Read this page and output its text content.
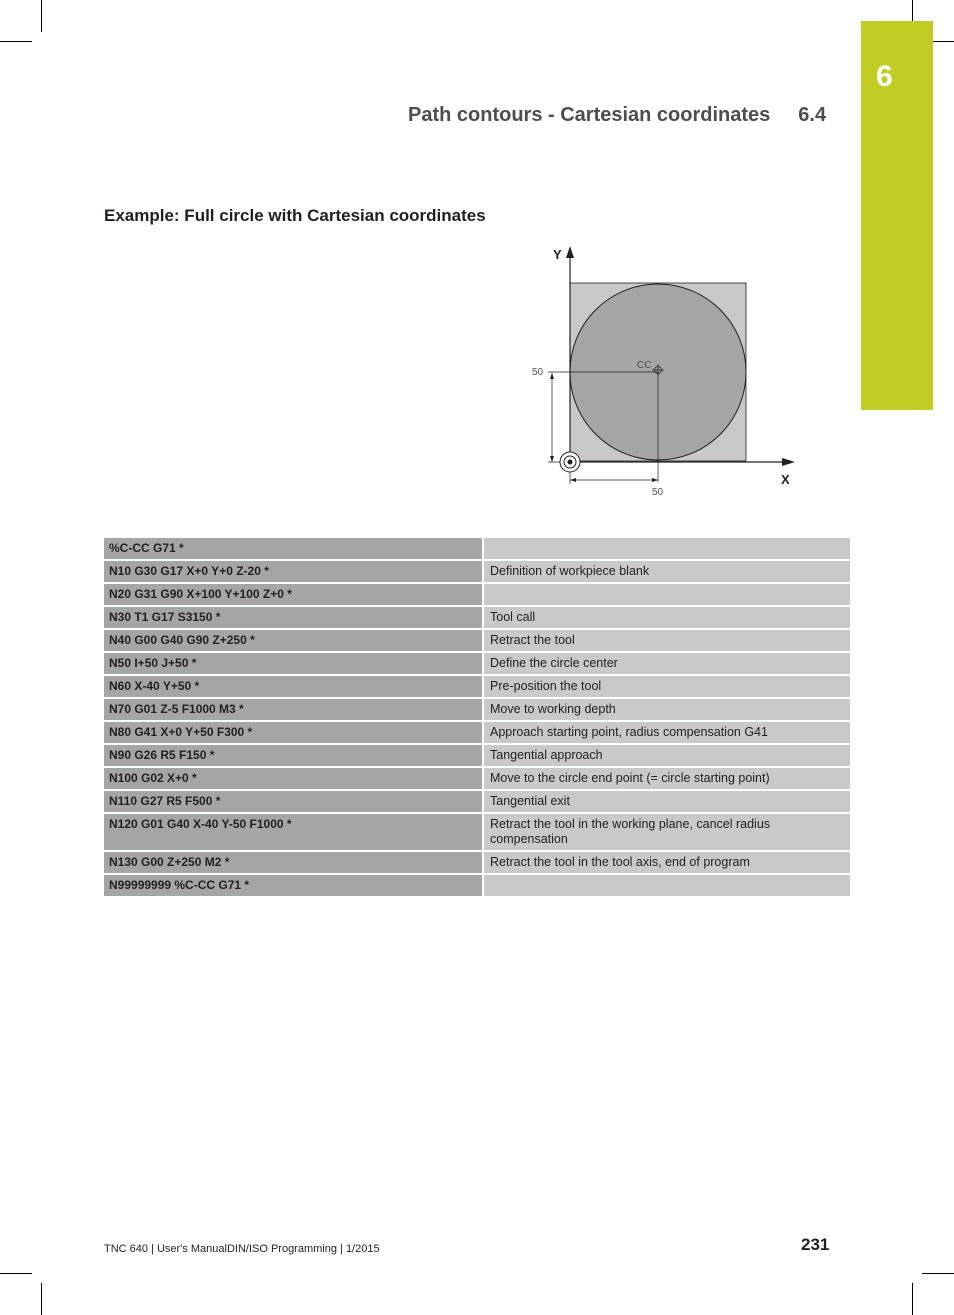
6
Path contours - Cartesian coordinates 6.4
Example: Full circle with Cartesian coordinates
Y
X
CC
50
50
%C-CC G71 *
N10 G30 G17 X+0 Y+0 Z-20 *	Definition of workpiece blank
N20 G31 G90 X+100 Y+100 Z+0 *
N30 T1 G17 S3150 *	Tool call
N40 G00 G40 G90 Z+250 *	Retract the tool
N50 I+50 J+50 *	Define the circle center
N60 X-40 Y+50 *	Pre-position the tool
N70 G01 Z-5 F1000 M3 *	Move to working depth
N80 G41 X+0 Y+50 F300 *	Approach starting point, radius compensation G41
N90 G26 R5 F150 *	Tangential approach
N100 G02 X+0 *	Move to the circle end point (= circle starting point)
N110 G27 R5 F500 *	Tangential exit
N120 G01 G40 X-40 Y-50 F1000 *	Retract the tool in the working plane, cancel radius compensation
N130 G00 Z+250 M2 *	Retract the tool in the tool axis, end of program
N99999999 %C-CC G71 *
TNC 640 | User's ManualDIN/ISO Programming | 1/2015	231
